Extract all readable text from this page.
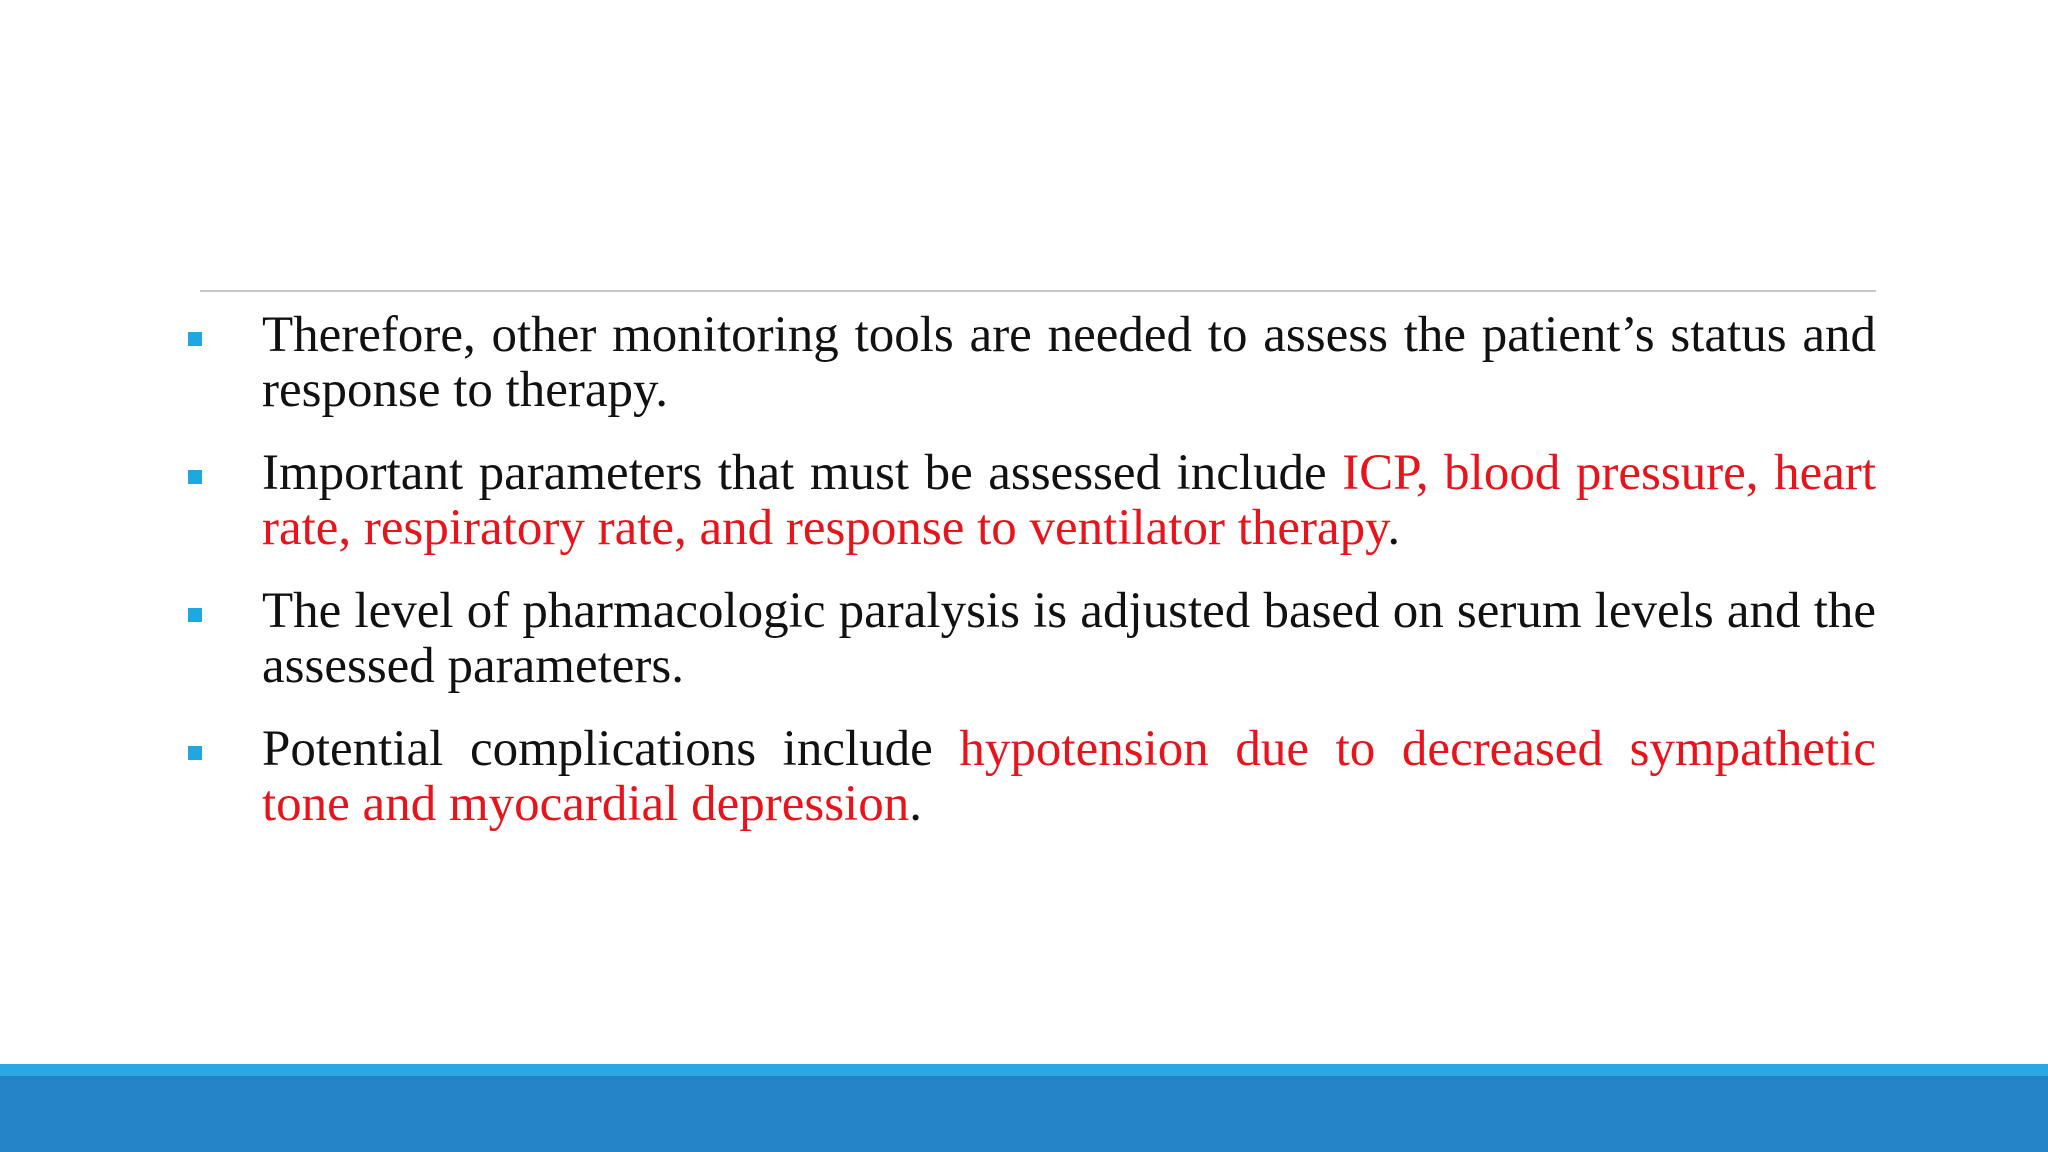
Therefore, other monitoring tools are needed to assess the patient’s status and response to therapy.
Important parameters that must be assessed include ICP, blood pressure, heart rate, respiratory rate, and response to ventilator therapy.
The level of pharmacologic paralysis is adjusted based on serum levels and the assessed parameters.
Potential complications include hypotension due to decreased sympathetic tone and myocardial depression.
